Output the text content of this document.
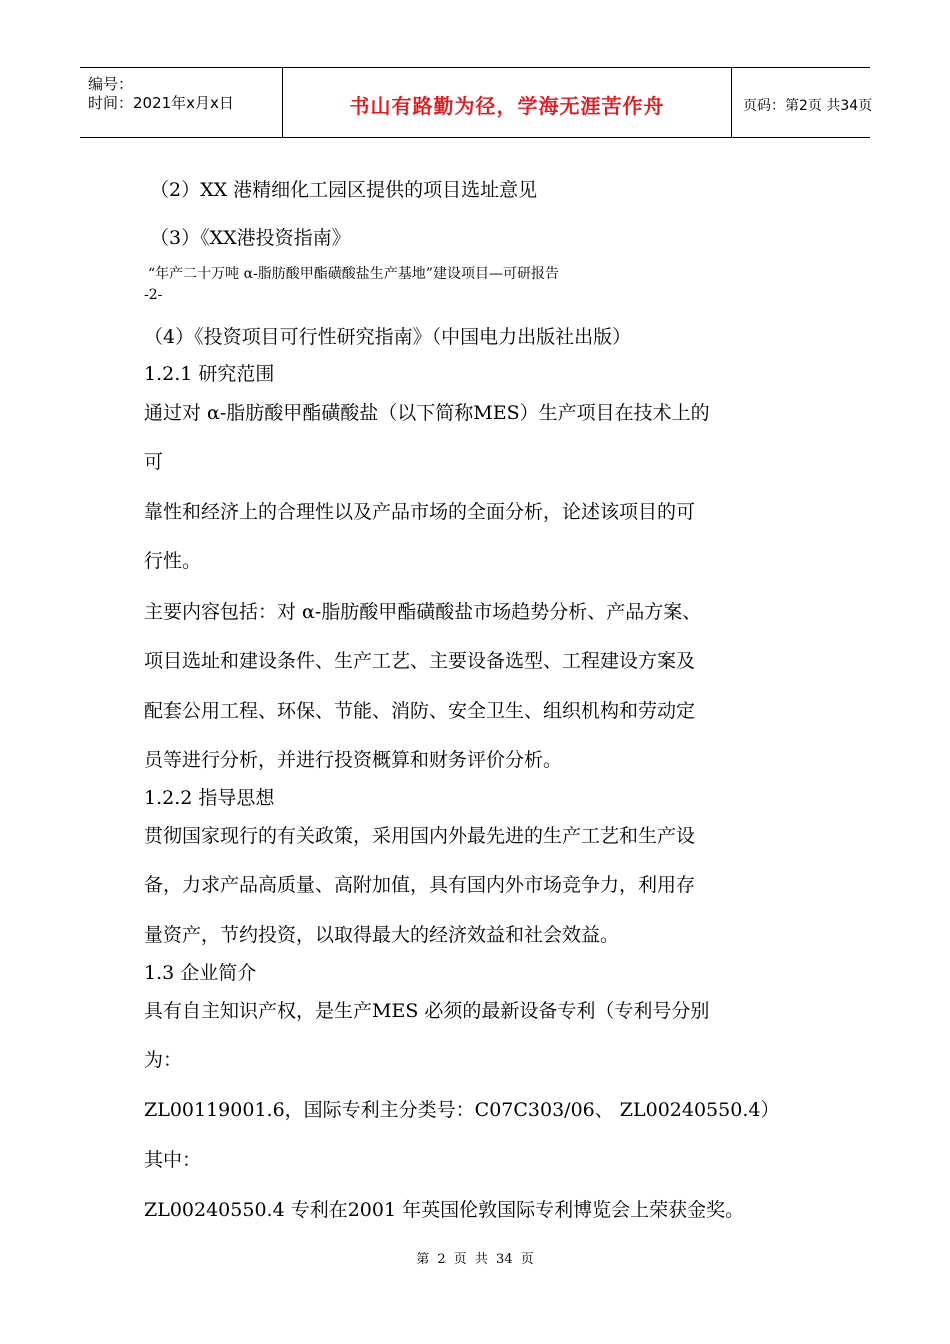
编号：
时间：2021年x月x日	书山有路勤为径，学海无涯苦作舟	页码：第2页 共34页
（2）XX 港精细化工园区提供的项目选址意见
（3）《XX港投资指南》
“年产二十万吨 α-脂肪酸甲酯磺酸盐生产基地”建设项目—可研报告
-2-
（4）《投资项目可行性研究指南》（中国电力出版社出版）
1.2.1 研究范围
通过对 α-脂肪酸甲酯磺酸盐（以下简称MES）生产项目在技术上的
可
靠性和经济上的合理性以及产品市场的全面分析，论述该项目的可
行性。
主要内容包括：对 α-脂肪酸甲酯磺酸盐市场趋势分析、产品方案、
项目选址和建设条件、生产工艺、主要设备选型、工程建设方案及
配套公用工程、环保、节能、消防、安全卫生、组织机构和劳动定
员等进行分析，并进行投资概算和财务评价分析。
1.2.2 指导思想
贯彻国家现行的有关政策，采用国内外最先进的生产工艺和生产设
备，力求产品高质量、高附加值，具有国内外市场竞争力，利用存
量资产，节约投资，以取得最大的经济效益和社会效益。
1.3 企业简介
具有自主知识产权，是生产MES 必须的最新设备专利（专利号分别
为：
ZL00119001.6，国际专利主分类号：C07C303/06、 ZL00240550.4）
其中：
ZL00240550.4 专利在2001 年英国伦敦国际专利博览会上荣获金奖。
第 2 页 共 34 页
